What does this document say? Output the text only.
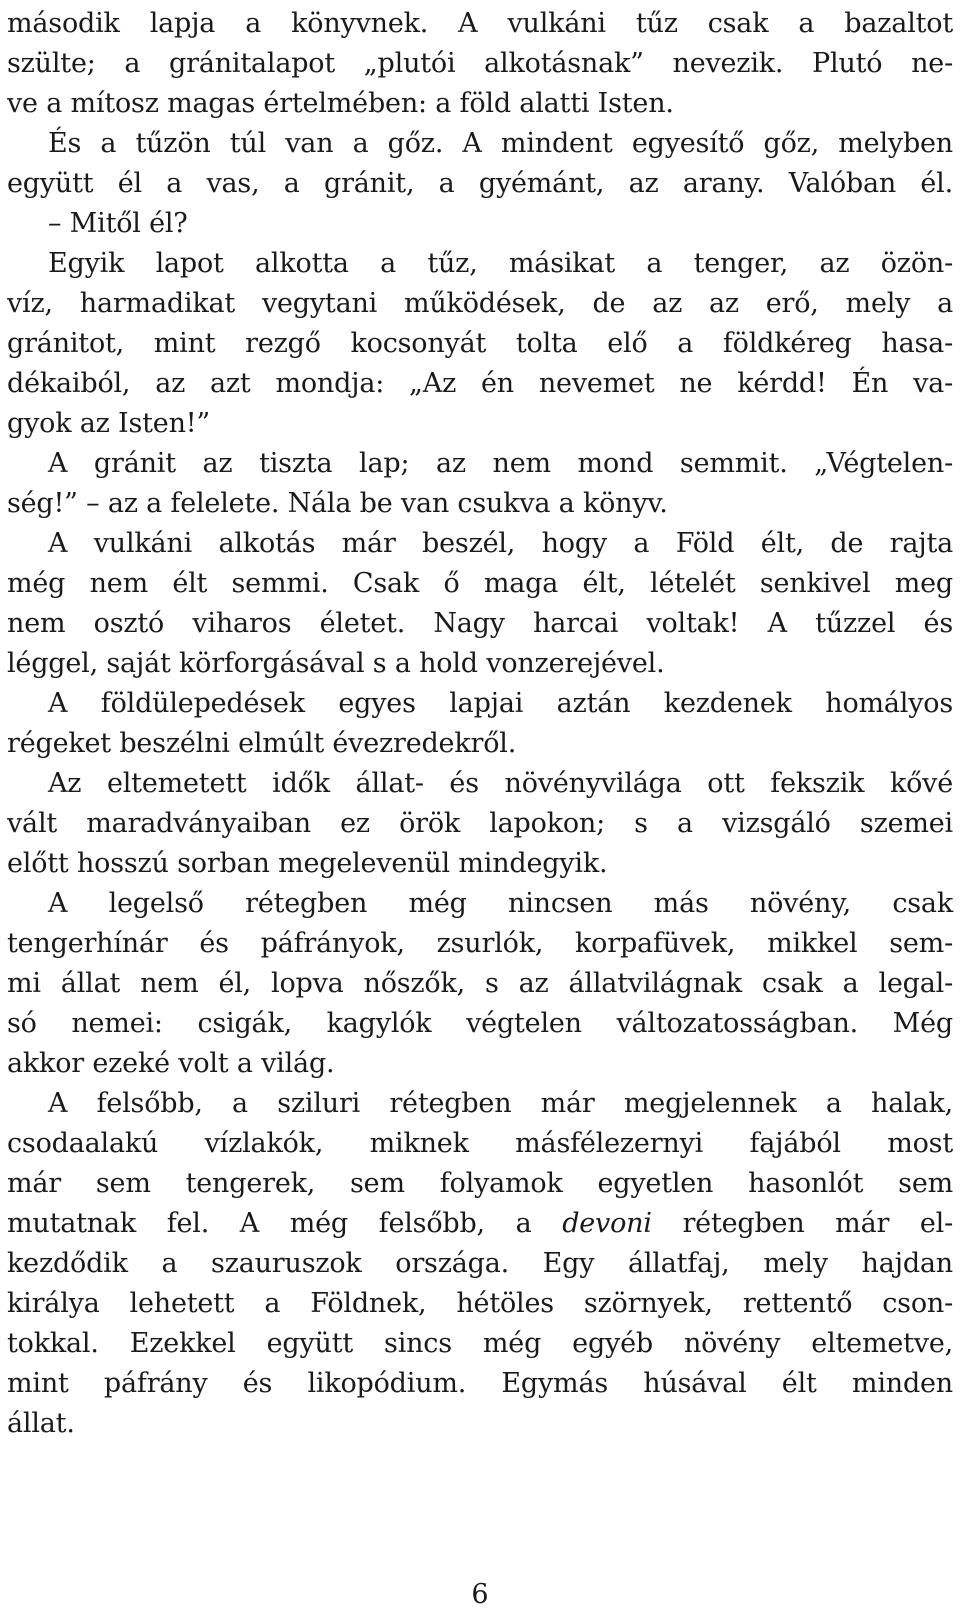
második lapja a könyvnek. A vulkáni tűz csak a bazaltot
szülte; a gránitalapot „plutói alkotásnak” nevezik. Plutó ne-
ve a mítosz magas értelmében: a föld alatti Isten.
És a tűzön túl van a gőz. A mindent egyesítő gőz, melyben
együtt él a vas, a gránit, a gyémánt, az arany. Valóban él.
– Mitől él?
Egyik lapot alkotta a tűz, másikat a tenger, az özön-
víz, harmadikat vegytani működések, de az az erő, mely a
gránitot, mint rezgő kocsonyát tolta elő a földkéreg hasa-
dékaiból, az azt mondja: „Az én nevemet ne kérdd! Én va-
gyok az Isten!”
A gránit az tiszta lap; az nem mond semmit. „Végtelen-
ség!” – az a felelete. Nála be van csukva a könyv.
A vulkáni alkotás már beszél, hogy a Föld élt, de rajta
még nem élt semmi. Csak ő maga élt, lételét senkivel meg
nem osztó viharos életet. Nagy harcai voltak! A tűzzel és
léggel, saját körforgásával s a hold vonzerejével.
A földülepedések egyes lapjai aztán kezdenek homályos
régeket beszélni elmúlt évezredekről.
Az eltemetett idők állat- és növényvilága ott fekszik kővé
vált maradványaiban ez örök lapokon; s a vizsgáló szemei
előtt hosszú sorban megelevenül mindegyik.
A legelső rétegben még nincsen más növény, csak
tengerhínár és páfrányok, zsurlók, korpafüvek, mikkel sem-
mi állat nem él, lopva nőszők, s az állatvilágnak csak a legal-
só nemei: csigák, kagylók végtelen változatosságban. Még
akkor ezeké volt a világ.
A felsőbb, a sziluri rétegben már megjelennek a halak,
csodaalakú vízlakók, miknek másfélezernyi fajából most
már sem tengerek, sem folyamok egyetlen hasonlót sem
mutatnak fel. A még felsőbb, a devoni rétegben már el-
kezdődik a szauruszok országa. Egy állatfaj, mely hajdan
királya lehetett a Földnek, hétöles szörnyek, rettentő cson-
tokkal. Ezekkel együtt sincs még egyéb növény eltemetve,
mint páfrány és likopódium. Egymás húsával élt minden
állat.
6
